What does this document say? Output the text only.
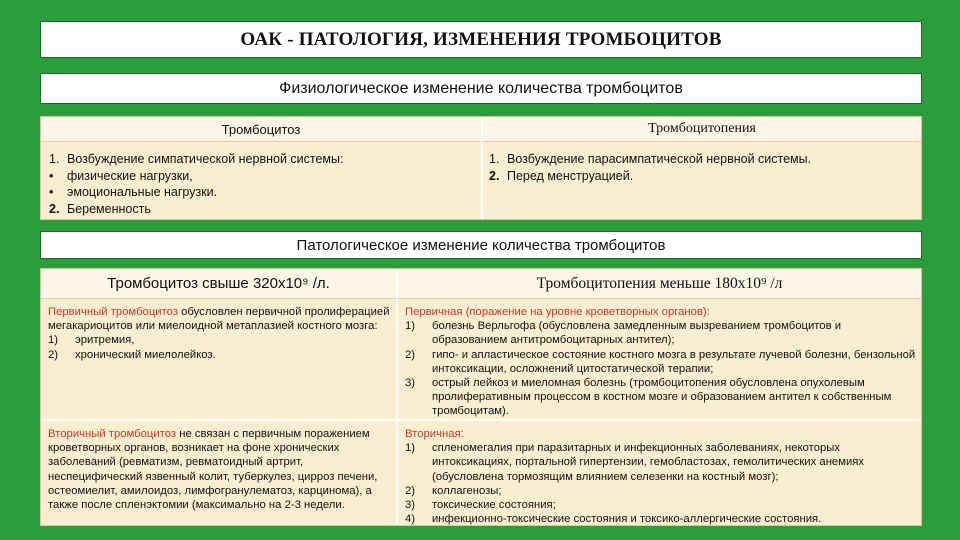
ОАК - ПАТОЛОГИЯ, ИЗМЕНЕНИЯ ТРОМБОЦИТОВ
Физиологическое изменение количества тромбоцитов
Тромбоцитоз	Тромбоцитопения
1. Возбуждение симпатической нервной системы:
•	физические нагрузки,
•	эмоциональные нагрузки.
2. Беременность
1. Возбуждение парасимпатической нервной системы.
2. Перед менструацией.
Патологическое изменение количества тромбоцитов
Тромбоцитоз свыше 320х10⁹ /л.	Тромбоцитопения меньше 180х10⁹ /л
Первичный тромбоцитоз обусловлен первичной пролиферацией мегакариоцитов или миелоидной метаплазией костного мозга:
1)	эритремия,
2)	хронический миелолейкоз.
Первичная (поражение на уровне кроветворных органов):
1)	болезнь Верльгофа (обусловлена замедленным вызреванием тромбоцитов и образованием антитромбоцитарных антител);
2)	гипо- и апластическое состояние костного мозга в результате лучевой болезни, бензольной интоксикации, осложнений цитостатической терапии;
3)	острый лейкоз и миеломная болезнь (тромбоцитопения обусловлена опухолевым пролиферативным процессом в костном мозге и образованием антител к собственным тромбоцитам).
Вторичный тромбоцитоз не связан с первичным поражением кроветворных органов, возникает на фоне хронических заболеваний (ревматизм, ревматоидный артрит, неспецифический язвенный колит, туберкулез, цирроз печени, остеомиелит, амилоидоз, лимфогранулематоз, карцинома), а также после спленэктомии (максимально на 2-3 недели.
Вторичная:
1)	спленомегалия при паразитарных и инфекционных заболеваниях, некоторых интоксикациях, портальной гипертензии, гемобластозах, гемолитических анемиях (обусловлена тормозящим влиянием селезенки на костный мозг);
2)	коллагенозы;
3)	токсические состояния;
4)	инфекционно-токсические состояния и токсико-аллергические состояния.
